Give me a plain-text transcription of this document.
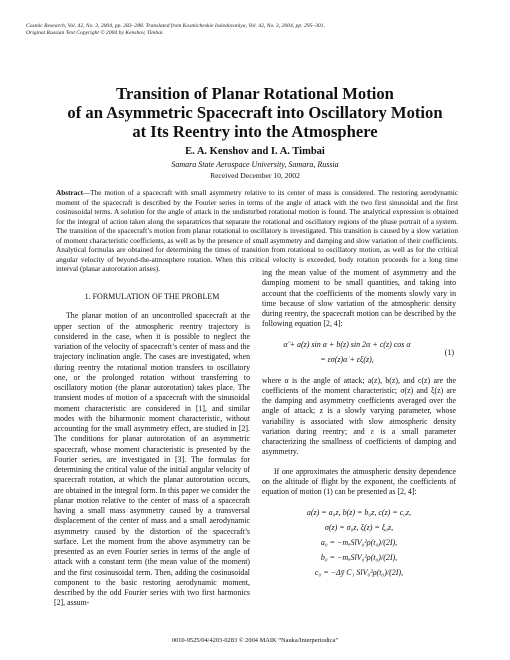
Cosmic Research, Vol. 42, No. 3, 2004, pp. 283–288. Translated from Kosmicheskie Issledovaniya, Vol. 42, No. 3, 2004, pp. 295–301.
Original Russian Text Copyright © 2004 by Kenshov, Timbai.
Transition of Planar Rotational Motion
of an Asymmetric Spacecraft into Oscillatory Motion
at Its Reentry into the Atmosphere
E. A. Kenshov and I. A. Timbai
Samara State Aerospace University, Samara, Russia
Received December 10, 2002
Abstract—The motion of a spacecraft with small asymmetry relative to its center of mass is considered. The restoring aerodynamic moment of the spacecraft is described by the Fourier series in terms of the angle of attack with the two first sinusoidal and the first cosinusoidal terms. A solution for the angle of attack in the undisturbed rotational motion is found. The analytical expression is obtained for the integral of action taken along the separatrices that separate the rotational and oscillatory regions of the phase portrait of a system. The transition of the spacecraft’s motion from planar rotational to oscillatory is investigated. This transition is caused by a slow variation of moment characteristic coefficients, as well as by the presence of small asymmetry and damping and slow variation of their coefficients. Analytical formulas are obtained for determining the times of transition from rotational to oscillatory motion, as well as for the critical angular velocity of beyond-the-atmosphere rotation. When this critical velocity is exceeded, body rotation proceeds for a long time interval (planar autorotation arises).

1. FORMULATION OF THE PROBLEM

The planar motion of an uncontrolled spacecraft at the upper section of the atmospheric reentry trajectory is considered in the case, when it is possible to neglect the variation of the velocity of spacecraft’s center of mass and the trajectory inclination angle. The cases are investigated, when during reentry the rotational motion transfers to oscillatory one, or the prolonged rotation without transferring to oscillatory motion (the planar autorotation) takes place. The transient modes of motion of a spacecraft with the sinusoidal moment characteristic are considered in [1], and similar modes with the biharmonic moment characteristic, without accounting for the small asymmetry effect, are studied in [2]. The conditions for planar autorotation of an asymmetric spacecraft, whose moment characteristic is presented by the Fourier series, are investigated in [3]. The formulas for determining the critical value of the initial angular velocity of spacecraft rotation, at which the planar autorotation occurs, are obtained in the integral form. In this paper we consider the planar motion relative to the center of mass of a spacecraft having a small mass asymmetry caused by a transversal displacement of the center of mass and a small aerodynamic asymmetry caused by the distortion of the spacecraft’s surface. Let the moment from the above asymmetry can be presented as an even Fourier series in terms of the angle of attack with a constant term (the mean value of the moment) and the first cosinusoidal term. Then, adding the cosinusoidal component to the basic restoring aerodynamic moment, described by the odd Fourier series with two first harmonics [2], assum-

ing the mean value of the moment of asymmetry and the damping moment to be small quantities, and taking into account that the coefficients of the moments slowly vary in time because of slow variation of the atmospheric density during reentry, the spacecraft motion can be described by the following equation [2, 4]:

α̈ + a(z) sin α + b(z) sin 2α + c(z) cos α
= εσ(z)α̇ + εξ(z),
(1)

where α is the angle of attack; a(z), b(z), and c(z) are the coefficients of the moment characteristic; σ(z) and ξ(z) are the damping and asymmetry coefficients averaged over the angle of attack; z is a slowly varying parameter, whose variability is associated with slow atmospheric density variation during reentry; and ε is a small parameter characterizing the smallness of coefficients of damping and asymmetry.

If one approximates the atmospheric density dependence on the altitude of flight by the exponent, the coefficients of equation of motion (1) can be presented as [2, 4]:

a(z) = a₀z, b(z) = b₀z, c(z) = c₀z,
σ(z) = σ₀z, ξ(z) = ξ₀z,
a₀ = −mₐSlV₀²ρ(t₀)/(2I),
b₀ = −mₐSlV₀²ρ(t₀)/(2I),
c₀ = −Δȳ C₁ SlV₀²ρ(t₀)/(2I),
0010-9525/04/4203-0283 © 2004 MAIK “Nauka/Interperiodica”
